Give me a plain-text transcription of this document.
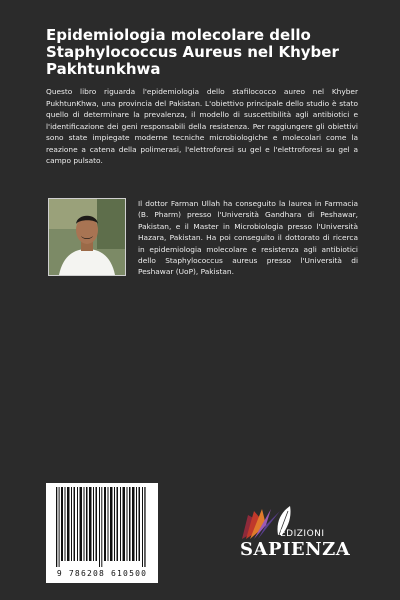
Epidemiologia molecolare dello Staphylococcus Aureus nel Khyber Pakhtunkhwa

Questo libro riguarda l'epidemiologia dello stafilococco aureo nel Khyber PukhtunKhwa, una provincia del Pakistan. L'obiettivo principale dello studio è stato quello di determinare la prevalenza, il modello di suscettibilità agli antibiotici e l'identificazione dei geni responsabili della resistenza. Per raggiungere gli obiettivi sono state impiegate moderne tecniche microbiologiche e molecolari come la reazione a catena della polimerasi, l'elettroforesi su gel e l'elettroforesi su gel a campo pulsato.

Il dottor Farman Ullah ha conseguito la laurea in Farmacia (B. Pharm) presso l'Università Gandhara di Peshawar, Pakistan, e il Master in Microbiologia presso l'Università Hazara, Pakistan. Ha poi conseguito il dottorato di ricerca in epidemiologia molecolare e resistenza agli antibiotici dello Staphylococcus aureus presso l'Università di Peshawar (UoP), Pakistan.

9 786208 610500
EDIZIONI
SAPIENZA
